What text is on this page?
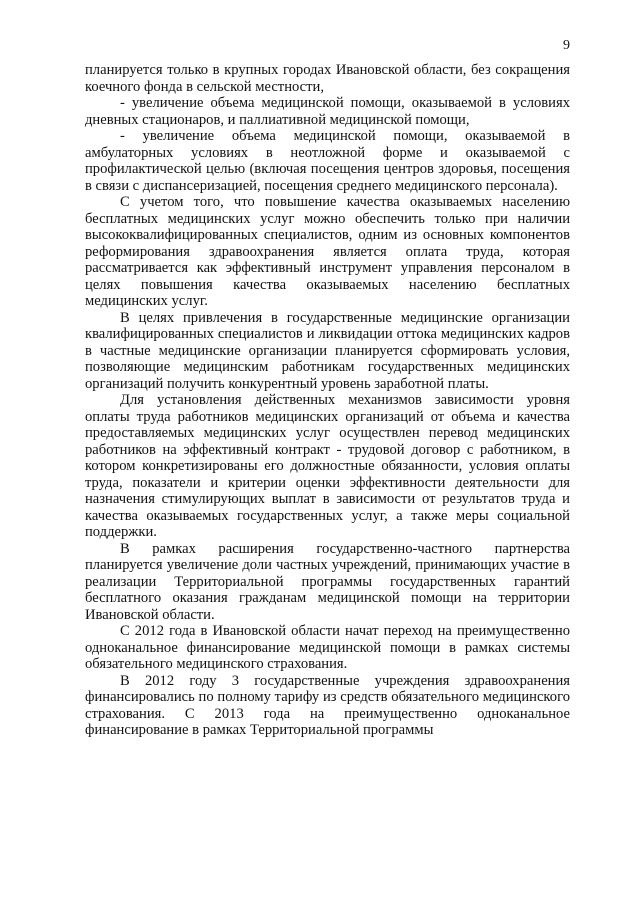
9

планируется только в крупных городах Ивановской области, без сокращения коечного фонда в сельской местности,

- увеличение объема медицинской помощи, оказываемой в условиях дневных стационаров, и паллиативной медицинской помощи,

- увеличение объема медицинской помощи, оказываемой в амбулаторных условиях в неотложной форме и оказываемой с профилактической целью (включая посещения центров здоровья, посещения в связи с диспансеризацией, посещения среднего медицинского персонала).

С учетом того, что повышение качества оказываемых населению бесплатных медицинских услуг можно обеспечить только при наличии высококвалифицированных специалистов, одним из основных компонентов реформирования здравоохранения является оплата труда, которая рассматривается как эффективный инструмент управления персоналом в целях повышения качества оказываемых населению бесплатных медицинских услуг.

В целях привлечения в государственные медицинские организации квалифицированных специалистов и ликвидации оттока медицинских кадров в частные медицинские организации планируется сформировать условия, позволяющие медицинским работникам государственных медицинских организаций получить конкурентный уровень заработной платы.

Для установления действенных механизмов зависимости уровня оплаты труда работников медицинских организаций от объема и качества предоставляемых медицинских услуг осуществлен перевод медицинских работников на эффективный контракт - трудовой договор с работником, в котором конкретизированы его должностные обязанности, условия оплаты труда, показатели и критерии оценки эффективности деятельности для назначения стимулирующих выплат в зависимости от результатов труда и качества оказываемых государственных услуг, а также меры социальной поддержки.

В рамках расширения государственно-частного партнерства планируется увеличение доли частных учреждений, принимающих участие в реализации Территориальной программы государственных гарантий бесплатного оказания гражданам медицинской помощи на территории Ивановской области.

С 2012 года в Ивановской области начат переход на преимущественно одноканальное финансирование медицинской помощи в рамках системы обязательного медицинского страхования.

В 2012 году 3 государственные учреждения здравоохранения финансировались по полному тарифу из средств обязательного медицинского страхования. С 2013 года на преимущественно одноканальное финансирование в рамках Территориальной программы
